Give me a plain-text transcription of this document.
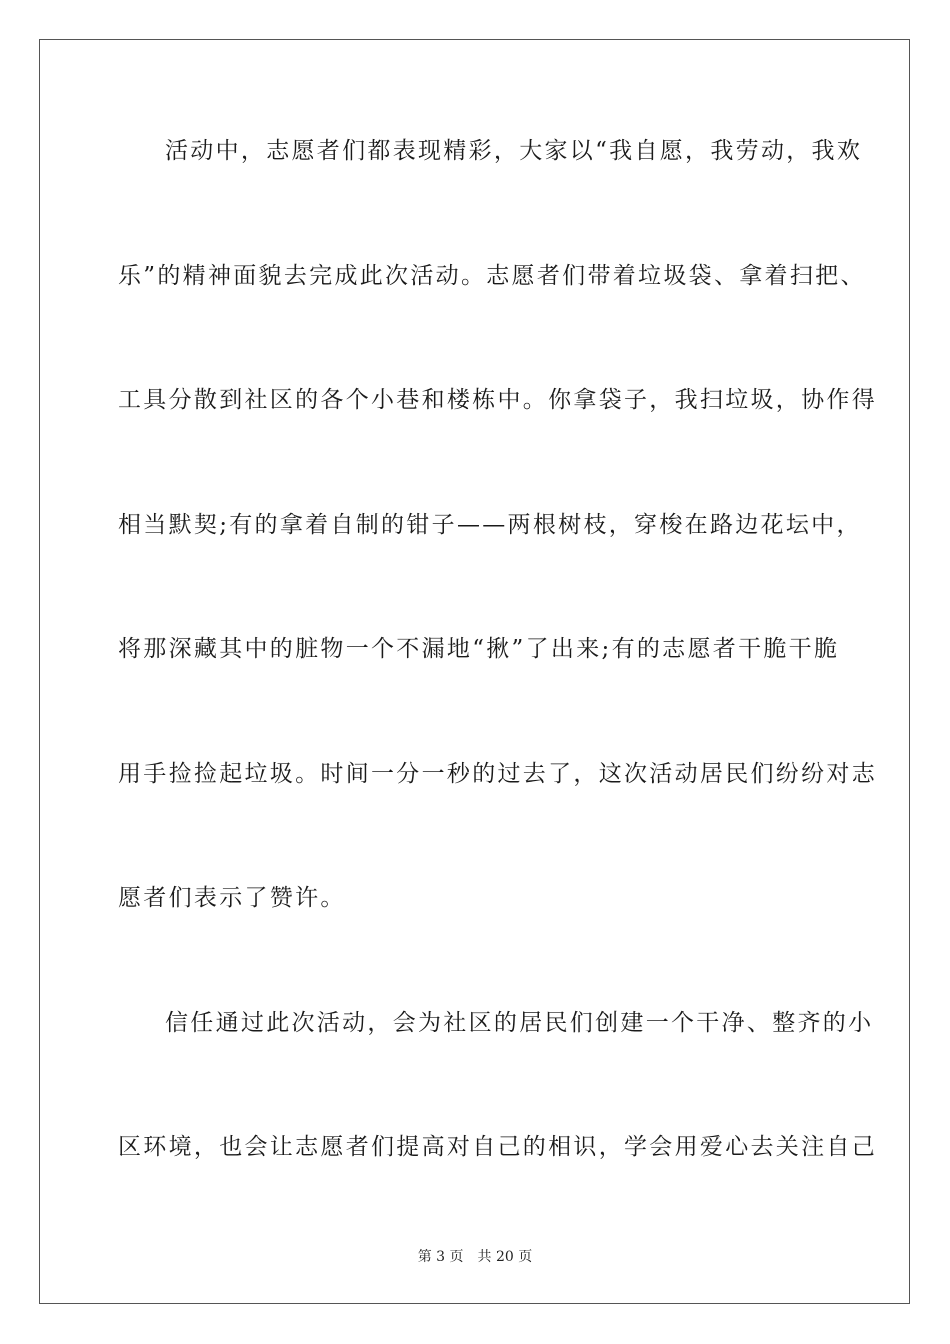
活动中，志愿者们都表现精彩，大家以“我自愿，我劳动，我欢
乐”的精神面貌去完成此次活动。志愿者们带着垃圾袋、拿着扫把、
工具分散到社区的各个小巷和楼栋中。你拿袋子，我扫垃圾，协作得
相当默契;有的拿着自制的钳子——两根树枝，穿梭在路边花坛中，
将那深藏其中的脏物一个不漏地“揪”了出来;有的志愿者干脆干脆
用手捡捡起垃圾。时间一分一秒的过去了，这次活动居民们纷纷对志
愿者们表示了赞许。
信任通过此次活动，会为社区的居民们创建一个干净、整齐的小
区环境，也会让志愿者们提高对自己的相识，学会用爱心去关注自己
第 3 页 共 20 页
